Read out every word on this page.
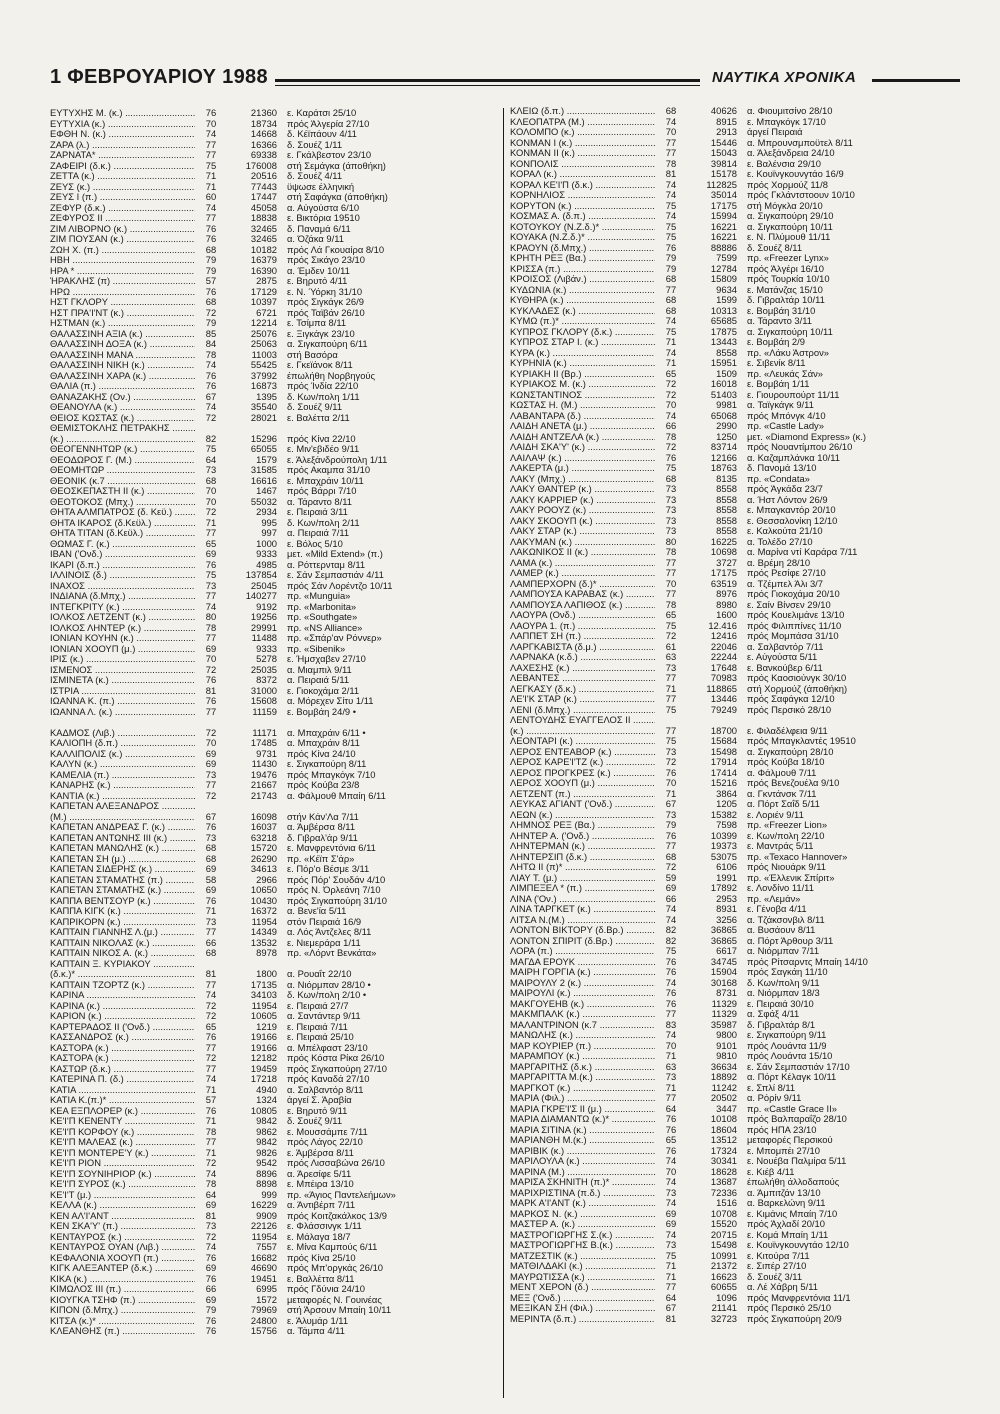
1 ΦΕΒΡΟΥΑΡΙΟΥ 1988	ΝΑΥΤΙΚΑ ΧΡΟΝΙΚΑ
ΕΥΤΥΧΗΣ Μ. (κ.) .....	76	21360 ε. Καράτσι 25/10
ΕΥΤΥΧΙΑ (κ.) .....	70	18734 πρός Άλγερία 27/10
ΕΦΘΗ Ν. (κ.) .....	74	14668 δ. Κέϊπάουν 4/11
ΖΑΡΑ (λ.) .....	77	16366 δ. Σουέζ 1/11
ΖΑΡΝΑΤΑ* .....	77	69338 ε. Γκάλβεστον 23/10
ΖΑΦΕΙΡΙ (δ.κ.) .....	75	176008 στή Σεμάγκα (άποθήκη)
ΖΕΤΤΑ (κ.) .....	71	20516 δ. Σουέζ 4/11
ΖΕΥΣ (κ.) .....	71	77443 ϋψωσε έλληνική
ΖΕΥΣ Ι (π.) .....	60	17447 στή Σαφάγκα (άποθήκη)
ΖΕΦΥΡ (δ.κ.) .....	74	45058 α. Αύγούστα 6/10
ΖΕΦΥΡΟΣ ΙΙ .....	77	18838 ε. Βικτόρια 19510
ΖΙΜ ΛΙΒΟΡΝΟ (κ.) .....	76	32465 δ. Παναμά 6/11
ΖΙΜ ΠΟΥΣΑΝ (κ.) .....	76	32465 α. Όζάκα 9/11
ΖΩΗ Χ. (π.) .....	68	10182 πρός Λά Γκουαίρα 8/10
ΗΒΗ .....	79	16379 πρός Σικάγο 23/10
ΗΡΑ * .....	79	16390 α. Έμδεν 10/11
ΉΡΑΚΛΗΣ (π) .....	57	2875 ε. Βηρυτό 4/11
ΗΡΩ .....	76	17129 ε. Ν. Ύόρκη 31/10
ΗΣΤ ΓΚΛΟΡΥ .....	68	10397 πρός Σιγκάγκ 26/9
ΗΣΤ ΠΡΑ'Ι'ΝΤ (κ.) .....	72	6721 πρός Ταϊβάν 26/10
ΗΣΤΜΑΝ (κ.) .....	79	12214 ε. Τσίμπα 8/11
ΘΑΛΑΣΣΙΝΗ ΑΞΙΑ (κ.) .....	85	25076 ε. Ξιγκάγκ 23/10
ΘΑΛΑΣΣΙΝΗ ΔΟΞΑ (κ.) .....	84	25063 α. Σιγκαπούρη 6/11
ΘΑΛΑΣΣΙΝΗ ΜΑΝΑ .....	78	11003 στή Βασόρα
ΘΑΛΑΣΣΙΝΗ ΝΙΚΗ (κ.) .....	74	55425 ε. Γκεϊάνοκ 8/11
ΘΑΛΑΣΣΙΝΗ ΧΑΡΑ (κ.) .....	76	37992 έπωλήθη Νορβηγούς
ΘΑΛΙΑ (π.) .....	76	16873 πρός Ίνδία 22/10
ΘΑΝΑΖΑΚΗΣ (Ον.) .....	67	1395 δ. Κων/πολη 1/11
ΘΕΑΝΟΥΛΑ (κ.) .....	74	35540 δ. Σουέζ 9/11
ΘΕΙΟΣ ΚΩΣΤΑΣ (κ.) .....	72	28021 ε. Βαλέττα 2/11
ΘΕΜΙΣΤΟΚΛΗΣ ΠΕΤΡΑΚΗΣ .....
(κ.) .....	82	15296 πρός Κίνα 22/10
ΘΕΟΓΕΝΝΗΤΩΡ (κ.) .....	75	65055 ε. Μιν'εβιδέο 9/11
ΘΕΟΔΩΡΟΣ Γ. (Μ.) .....	64	1579 ε. Άλεξάνδρούπολη 1/11
ΘΕΟΜΗΤΩΡ .....	73	31585 πρός Ακαμπα 31/10
ΘΕΟΝΙΚ (κ.7 .....	68	16616 ε. Μπαχράιν 10/11
ΘΕΟΣΚΕΠΑΣΤΗ ΙΙ (κ.) .....	70	1467 πρός Βάρρι 7/10
ΘΕΟΤΟΚΟΣ (Μπχ.) .....	70	55032 α. Τάραντο 8/11
ΘΗΤΑ ΑΛΜΠΑΤΡΟΣ (δ. Κεϋ.) .....	72	2934 ε. Πειραιά 3/11
ΘΗΤΑ ΙΚΑΡΟΣ (δ.Κεϋλ.) .....	71	995 δ. Κων/πολη 2/11
ΘΗΤΑ ΤΙΤΑΝ (δ.Κεϋλ.) .....	77	997 α. Πειραιά 7/11
ΘΩΜΑΣ Γ. (κ.) .....	65	1000 ε. Βόλος 5/10
ΙΒΑΝ ('Ονδ.) .....	69	9333 μετ. «Mild Extend» (π.)
ΙΚΑΡΙ (δ.π.) .....	76	4985 α. Ρόττερνταμ 8/11
ΙΛΛΙΝΟΙΣ (δ.) .....	75	137854 ε. Σάν Σεμπαστιάν 4/11
ΙΝΑΧΟΣ .....	73	25045 πρός Σάν Λορέντζο 10/11
ΙΝΔΙΑΝΑ (δ.Μπχ.) .....	77	140277 πρ. «Munguia»
ΙΝΤΕΓΚΡΙΤΥ (κ.) .....	74	9192 πρ. «Marbonita»
ΙΟΛΚΟΣ ΛΕΤΖΕΝΤ (κ.) .....	80	19256 πρ. «Southgate»
ΙΟΛΚΟΣ ΛΗΝΤΕΡ (κ.) .....	78	29991 πρ. «NS Alliance»
ΙΟΝΙΑΝ ΚΟΥΗΝ (κ.) .....	77	11488 πρ. «Σπάρ'αν Ρόννερ»
ΙΟΝΙΑΝ ΧΟΟΥΠ (μ.) .....	69	9333 πρ. «Sibenik»
ΙΡΙΣ (κ.) .....	70	5278 ε. Ήμσχαβεν 27/10
ΙΣΜΕΝΟΣ .....	72	25035 α. Μιαμπιλ 9/11
ΙΣΜΙΝΕΤΑ (κ.) .....	76	8372 α. Πειραιά 5/11
ΙΣΤΡΙΑ .....	81	31000 ε. Γιοκοχάμα 2/11
ΙΩΑΝΝΑ Κ. (π.) .....	76	15608 α. Μόρεχεν Σίτυ 1/11
ΙΩΑΝΝΑ Λ. (κ.) .....	77	11159 ε. Βομβάη 24/9 •
ΚΑΔΜΟΣ (Λιβ.) .....	72	11171 α. Μπαχράιν 6/11 •
ΚΑΛΙΟΠΗ (δ.π.) .....	70	17485 α. Μπαχράιν 8/11
ΚΑΛΛΙΠΟΛΙΣ (κ.) .....	69	9731 πρός Κίνα 24/10
ΚΑΛΥΝ (κ.) .....	69	11430 ε. Σιγκαπούρη 8/11
ΚΑΜΕΛΙΑ (π.) .....	73	19476 πρός Μπαγκόγκ 7/10
ΚΑΝΑΡΗΣ (κ.) .....	77	21667 πρός Κούβα 23/8
ΚΑΝΤΙΑ (κ.) .....	72	21743 α. Φάλμουθ Μπαίη 6/11
ΚΑΠΕΤΑΝ ΑΛΕΞΑΝΔΡΟΣ .....
(Μ.) .....	67	16098 στήν Κάν'Λα 7/11
ΚΑΠΕΤΑΝ ΑΝΔΡΕΑΣ Γ. (κ.) .....	76	16037 α. Άμβέρσα 8/11
ΚΑΠΕΤΑΝ ΑΝΤΩΝΗΣ ΙΙΙ (κ.) .....	73	63218 δ. Γιβραλ'άρ 9/11
ΚΑΠΕΤΑΝ ΜΑΝΩΛΗΣ (κ.) .....	68	15720 ε. Μανφρεντόνια 6/11
ΚΑΠΕΤΑΝ ΣΗ (μ.) .....	68	26290 πρ. «Κέϊπ Σ'άρ»
ΚΑΠΕΤΑΝ ΣΙΔΕΡΗΣ (κ.) .....	69	34613 ε. Πόρ'ο Βέσμε 3/11
ΚΑΠΕΤΑΝ ΣΤΑΜΑΤΗΣ (π.) .....	58	2966 πρός Πόρ' Σουδάν 4/10
ΚΑΠΕΤΑΝ ΣΤΑΜΑΤΗΣ (κ.) .....	69	10650 πρός Ν. Όρλεάνη 7/10
ΚΑΠΠΑ ΒΕΝΤΣΟΥΡ (κ.) .....	76	10430 πρός Σιγκαπούρη 31/10
ΚΑΠΠΑ ΚΙΓΚ (κ.) .....	71	16372 α. Βενε'ία 5/11
ΚΑΠΡΙΚΟΡΝ (κ.) .....	73	11954 στόν Πειραιά 16/9
ΚΑΠΤΑΙΝ ΓΙΑΝΝΗΣ Λ.(μ.) .....	77	14349 α. Λός Άντζελες 8/11
ΚΑΠΤΑΙΝ ΝΙΚΟΛΑΣ (κ.) .....	66	13532 ε. Νιεμεράρα 1/11
ΚΑΠΤΑΙΝ ΝΙΚΟΣ Α. (κ.) .....	68	8978 πρ. «Λόρντ Βενκάτα»
ΚΑΠΤΑΙΝ Ξ. ΚΥΡΙΑΚΟΥ .....
(δ.κ.)* .....	81	1800 α. Ρουαΐτ 22/10
ΚΑΠΤΑΙΝ ΤΖΟΡΤΖ (κ.) .....	77	17135 α. Νιόρμπαν 28/10 •
ΚΑΡΙΝΑ .....	74	34103 δ. Κων/πολη 2/10 •
ΚΑΡΙΝΑ (κ.) .....	72	11954 ε. Πειραιά 27/7
ΚΑΡΙΟΝ (κ.) .....	72	10605 α. Σαντάντερ 9/11
ΚΑΡΤΕΡΑΔΟΣ ΙΙ ('Ονδ.) .....	65	1219 ε. Πειραιά 7/11
ΚΑΣΣΑΝΔΡΟΣ (κ.) .....	76	19166 ε. Πειραιά 25/10
ΚΑΣΤΟΡΑ (κ.) .....	77	19166 α. Μπέλφαστ 23/10
ΚΑΣΤΟΡΑ (κ.) .....	72	12182 πρός Κόστα Ρίκα 26/10
ΚΑΣΤΩΡ (δ.κ.) .....	77	19459 πρός Σιγκαπούρη 27/10
ΚΑΤΕΡΙΝΑ Π. (δ.) .....	74	17218 πρός Καναδά 27/10
ΚΑΤΙΑ .....	71	4940 α. Σαλβαντόρ 8/11
ΚΑΤΙΑ Κ.(π.)* .....	57	1324 άργεί Σ. Άραβία
ΚΕΑ ΕΞΠΛΟΡΕΡ (κ.) .....	76	10805 ε. Βηρυτό 9/11
ΚΕ'Ι'Π ΚΕΝΕΝΤΥ .....	71	9842 δ. Σουέζ 9/11
ΚΕ'Ι'Π ΚΟΡΦΟΥ (κ.) .....	78	9862 ε. Μουσσάμπε 7/11
ΚΕ'Ι'Π ΜΑΛΕΑΣ (κ.) .....	77	9842 πρός Λάγος 22/10
ΚΕ'Ι'Π ΜΟΝΤΕΡΕ'Υ (κ.) .....	71	9826 ε. Άμβέρσα 8/11
ΚΕ'Ι'Π ΡΙΟΝ .....	72	9542 πρός Λισσαβώνα 26/10
ΚΕ'Ι'Π ΣΟΥΝΙΗΡΙΟΡ (κ.) .....	74	8896 α. Άρεσίφε 5/11
ΚΕ'Ι'Π ΣΥΡΟΣ (κ.) .....	78	8898 ε. Μπέιρα 13/10
ΚΕ'Ι'Τ (μ.) .....	64	999 πρ. «Άγιος Παντελεήμων»
ΚΕΛΛΑ (κ.) .....	69	16229 α. Άντιβέρπ 7/11
ΚΕΝ ΑΛ'Ι'ΑΝΤ .....	81	9909 πρός Κοιτζακάλκος 13/9
ΚΕΝ ΣΚΑ'Υ' (π.) .....	73	22126 ε. Φλάσσινγκ 1/11
ΚΕΝΤΑΥΡΟΣ (κ.) .....	72	11954 ε. Μάλαγα 18/7
ΚΕΝΤΑΥΡΟΣ ΟΥΑΝ (Λιβ.) .....	74	7557 ε. Μίνα Καμπούς 6/11
ΚΕΦΑΛΟΝΙΑ ΧΟΟΥΠ (π.) .....	76	16682 πρός Κίνα 25/10
ΚΙΓΚ ΑΛΕΞΑΝΤΕΡ (δ.κ.) .....	69	46690 πρός Μπ'οργκάς 26/10
ΚΙΚΑ (κ.) .....	76	19451 ε. Βαλλέττα 8/11
ΚΙΜΩΛΟΣ ΙΙΙ (π.) .....	66	6995 πρός Γδύνια 24/10
ΚΙΟΥΓΚΑ ΤΣΗΦ (π.) .....	69	1572 μεταφορές Ν. Γουινέας
ΚΙΠΟΝ (δ.Μπχ.) .....	79	79969 στή Άρσουν Μπαίη 10/11
ΚΙΤΣΑ (κ.)* .....	76	24800 ε. Άλυμάρ 1/11
ΚΛΕΑΝΘΗΣ (π.) .....	76	15756 α. Τάμπα 4/11
ΚΛΕΙΩ (δ.π.) .....	68	40626 α. Φιουμιτσίνο 28/10
ΚΛΕΟΠΑΤΡΑ (Μ.) .....	74	8915 ε. Μπαγκόγκ 17/10
ΚΟΛΟΜΠΟ (κ.) .....	70	2913 άργεί Πειραιά
ΚΟΝΜΑΝ Ι (κ.) .....	77	15446 α. Μπρουνσμποϋτελ 8/11
ΚΟΝΜΑΝ ΙΙ (κ.) .....	77	15043 α. Άλεξάνδρεια 24/10
ΚΟΝΠΟΛΙΣ .....	78	39814 ε. Βαλένσια 29/10
ΚΟΡΑΛ (κ.) .....	81	15178 ε. Κουϊνγκουνγτάο 16/9
ΚΟΡΑΛ ΚΕ'Ι'Π (δ.κ.) .....	74	112825 πρός Χορμούζ 11/8
ΚΟΡΝΗΛΙΟΣ .....	74	35014 πρός Γκλάντστοουν 10/10
ΚΟΡΥΤΟΝ (κ.) .....	75	17175 στή Μόγκλα 20/10
ΚΟΣΜΑΣ Α. (δ.π.) .....	74	15994 α. Σιγκαπούρη 29/10
ΚΟΤΟΥΚΟΥ (Ν.Ζ.δ.)* .....	75	16221 α. Σιγκαπούρη 10/11
ΚΟΥΑΚΑ (Ν.Ζ.δ.)* .....	75	16221 ε. Ν. Πλύμουθ 11/11
ΚΡΑΟΥΝ (δ.Μπχ.) .....	76	88886 δ. Σουέζ 8/11
ΚΡΗΤΗ ΡΕΞ (Βα.) .....	79	7599 πρ. «Freezer Lynx»
ΚΡΙΣΣΑ (π.) .....	79	12784 πρός Άλγέρι 16/10
ΚΡΟΙΣΟΣ (Λιβάν.) .....	68	15809 πρός Τουρκία 10/10
ΚΥΔΩΝΙΑ (κ.) .....	77	9634 ε. Ματάνζας 15/10
ΚΥΘΗΡΑ (κ.) .....	68	1599 δ. Γιβραλτάρ 10/11
ΚΥΚΛΑΔΕΣ (κ.) .....	68	10313 ε. Βομβάη 31/10
ΚΥΜΩ (π.)* .....	74	65685 α. Τάραντο 3/11
ΚΥΠΡΟΣ ΓΚΛΟΡΥ (δ.κ.) .....	75	17875 α. Σιγκαπούρη 10/11
ΚΥΠΡΟΣ ΣΤΑΡ Ι. (κ.) .....	71	13443 ε. Βομβάη 2/9
ΚΥΡΑ (κ.) .....	74	8558 πρ. «Λάκυ Άστρον»
ΚΥΡΗΝΙΑ (κ.) .....	71	15951 ε. Σιβενίκ 8/11
ΚΥΡΙΑΚΗ ΙΙ (Βρ.) .....	65	1509 πρ. «Λευκάς Σάν»
ΚΥΡΙΑΚΟΣ Μ. (κ.) .....	72	16018 ε. Βομβάη 1/11
ΚΩΝΣΤΑΝΤΙΝΟΣ .....	72	51403 ε. Γιουρουπούρτ 11/11
ΚΩΣΤΑΣ Η. (Μ.) .....	70	9981 α. Ταϊγκάγκ 9/11
ΛΑΒΑΝΤΑΡΑ (δ.) .....	74	65068 πρός Μπόνγκ 4/10
ΛΑΙΔΗ ΑΝΕΤΑ (μ.) .....	66	2990 πρ. «Castle Lady»
ΛΑΙΔΗ ΑΝΤΖΕΛΑ (κ.) .....	78	1250 μετ. «Diamond Express» (κ.)
ΛΑΙΔΗ ΣΚΑ'Υ' (κ.) .....	72	83714 πρός Νουαντίμπου 26/10
ΛΑΙΛΑΨ (κ.) .....	76	12166 α. Καζαμπλάνκα 10/11
ΛΑΚΕΡΤΑ (μ.) .....	75	18763 δ. Πανομά 13/10
ΛΑΚΥ (Μπχ.) .....	68	8135 πρ. «Condata»
ΛΑΚΥ ΘΑΝΤΕΡ (κ.) .....	73	8558 πρός Άγκάδα 23/7
ΛΑΚΥ ΚΑΡΡΙΕΡ (κ.) .....	73	8558 α. Ήστ Λόντον 26/9
ΛΑΚΥ ΡΟΟΥΖ (κ.) .....	73	8558 ε. Μπαγκαντόρ 20/10
ΛΑΚΥ ΣΚΟΟΥΠ (κ.) .....	73	8558 ε. Θεσσαλονίκη 12/10
ΛΑΚΥ ΣΤΑΡ (κ.) .....	73	8558 ε. Καλκούτα 21/10
ΛΑΚΥΜΑΝ (κ.) .....	80	16225 α. Τολέδο 27/10
ΛΑΚΩΝΙΚΟΣ ΙΙ (κ.) .....	78	10698 α. Μαρίνα ντί Καράρα 7/11
ΛΑΜΑ (κ.) .....	77	3727 α. Βρέμη 28/10
ΛΑΜΕΡ (κ.) .....	77	17175 πρός Ρεσίφε 27/10
ΛΑΜΠΕΡΧΟΡΝ (δ.)* .....	70	63519 α. Τζέμπελ Άλι 3/7
ΛΑΜΠΟΥΣΑ ΚΑΡΑΒΑΣ (κ.) .....	77	8976 πρός Γιοκοχάμα 20/10
ΛΑΜΠΟΥΣΑ ΛΑΠΙΘΟΣ (κ.) .....	78	8980 ε. Σαίν Βίνσεν 29/10
ΛΑΟΥΡΑ (Ονδ.) .....	65	1600 πρός Κουελιμάνε 13/10
ΛΑΟΥΡΑ 1. (π.) .....	75	12.416 πρός Φιλιππίνες 11/10
ΛΑΠΠΕΤ ΣΗ (π.) .....	72	12416 πρός Μομπάσα 31/10
ΛΑΡΓΚΑΒΙΣΤΑ (δ.μ.) .....	61	22046 α. Σαλβαντόρ 7/11
ΛΑΡΝΑΚΑ (κ.δ.) .....	63	22244 ε. Αύγούστα 5/11
ΛΑΧΕΣΗΣ (κ.) .....	73	17648 ε. Βανκούβερ 6/11
ΛΕΒΑΝΤΕΣ .....	77	70983 πρός Καοσιούνγκ 30/10
ΛΕΓΚΑΣΥ (δ.κ.) .....	71	118865 στή Χορμούζ (άποθήκη)
ΛΕ'Ι'Κ ΣΤΑΡ (κ.) .....	77	13446 πρός Σαφάγκα 12/10
ΛΕΝΙ (δ.Μπχ.) .....	75	79249 πρός Περσικό 28/10
ΛΕΝΤΟΥΔΗΣ ΕΥΑΓΓΕΛΟΣ ΙΙ .....
(κ.) .....	77	18700 ε. Φιλαδέλφεια 9/11
ΛΕΟΝΤΑΡΙ (κ.) .....	75	15684 πρός Μπαγκλαντές 19510
ΛΕΡΟΣ ΕΝΤΕΑΒΟΡ (κ.) .....	73	15498 α. Σιγκαπούρη 28/10
ΛΕΡΟΣ ΚΑΡΕ'Ι'ΤΖ (κ.) .....	72	17914 πρός Κούβα 18/10
ΛΕΡΟΣ ΠΡΟΓΚΡΕΣ (κ.) .....	76	17414 α. Φάλμουθ 7/11
ΛΕΡΟΣ ΧΟΟΥΠ (μ.) .....	70	15216 πρός Βενεζουέλα 9/10
ΛΕΤΖΕΝΤ (π.) .....	71	3864 α. Γκντάνσκ 7/11
ΛΕΥΚΑΣ ΑΓΙΑΝΤ ('Ονδ.) .....	67	1205 α. Πόρτ Σαΐδ 5/11
ΛΕΩΝ (κ.) .....	73	15382 ε. Λοριέν 9/11
ΛΗΜΝΟΣ ΡΕΞ (Βα.) .....	79	7598 πρ. «Freezer Lion»
ΛΗΝΤΕΡ Α. ('Ονδ.) .....	76	10399 ε. Κων/πολη 22/10
ΛΗΝΤΕΡΜΑΝ (κ.) .....	77	19373 ε. Μαντράς 5/11
ΛΗΝΤΕΡΣΙΠ (δ.κ.) .....	68	53075 πρ. «Texaco Hannover»
ΛΗΤΩ ΙΙ (π)* .....	72	6106 πρός Νιουάρκ 9/11
ΛΙΑΥ Τ. (μ.) .....	59	1991 πρ. «Έλλενικ Σπίριτ»
ΛΙΜΠΕΞΕΛ * (π.) .....	69	17892 ε. Λονδίνο 11/11
ΛΙΝΑ ('Ον.) .....	66	2953 πρ. «Λεμάν»
ΛΙΝΑ ΤΑΡΓΚΕΤ (κ.) .....	74	8931 ε. Γένοβα 4/11
ΛΙΤΣΑ Ν.(Μ.) .....	74	3256 α. Τζάκσονβιλ 8/11
ΛΟΝΤΟΝ ΒΙΚΤΟΡΥ (δ.Βρ.) .....	82	36865 α. Βυσάουν 8/11
ΛΟΝΤΟΝ ΣΠΙΡΙΤ (δ.Βρ.) .....	82	36865 α. Πόρτ Άρθουρ 3/11
ΛΟΡΑ (π.) .....	75	6617 α. Νιόρμπαν 7/11
ΜΑΓΔΑ ΕΡΟΥΚ .....	76	34745 πρός Ρίτσαρντς Μπαίη 14/10
ΜΑΙΡΗ ΓΟΡΓΙΑ (κ.) .....	76	15904 πρός Σαγκάη 11/10
ΜΑΙΡΟΥΛΥ 2 (κ.) .....	74	30168 δ. Κων/πολη 9/11
ΜΑΙΡΟΥΛΙ (κ.) .....	76	8731 α. Νιόρμπαν 18/3
ΜΑΚΓΟΥΕΗΒ (κ.) .....	76	11329 ε. Πειραιά 30/10
ΜΑΚΜΠΑΛΚ (κ.) .....	77	11329 α. Σφάξ 4/11
ΜΑΛΑΝΤΡΙΝΟΝ (κ.7 .....	83	35987 δ. Γιβραλτάρ 8/1
ΜΑΝΩΛΗΣ (κ.) .....	74	9800 ε. Σιγκαπούρη 9/11
ΜΑΡ ΚΟΥΡΙΕΡ (π.) .....	70	9101 πρός Λουάντα 11/9
ΜΑΡΑΜΠΟΥ (κ.) .....	71	9810 πρός Λουάντα 15/10
ΜΑΡΓΑΡΙΤΗΣ (δ.κ.) .....	63	36634 ε. Σάν Σεμπαστιάν 17/10
ΜΑΡΓΑΡΙΤΤΑ Μ.(κ.) .....	73	18892 α. Πόρτ Κέλαγκ 10/11
ΜΑΡΓΚΟΤ (κ.) .....	71	11242 ε. Σπλί 8/11
ΜΑΡΙΑ (Φιλ.) .....	77	20502 α. Ρόρίν 9/11
ΜΑΡΙΑ ΓΚΡΕ'Ι'Σ ΙΙ (μ.) .....	64	3447 πρ. «Castle Grace II»
ΜΑΡΙΑ ΔΙΑΜΑΝΤΩ (κ.)* .....	76	10108 πρός Βαλπαραΐζο 28/10
ΜΑΡΙΑ ΣΙΤΙΝΑ (κ.) .....	76	18604 πρός ΗΠΑ 23/10
ΜΑΡΙΑΝΘΗ Μ.(κ.) .....	65	13512 μεταφορές Περσικού
ΜΑΡΙΒΙΚ (κ.) .....	76	17324 ε. Μπομπέι 27/10
ΜΑΡΙΛΟΥΛΑ (κ.) .....	74	30341 ε. Νουέβα Παλμίρα 5/11
ΜΑΡΙΝΑ (Μ.) .....	70	18628 ε. Κιέβ 4/11
ΜΑΡΙΣΑ ΣΚΗΝΙΤΗ (π.)* .....	74	13687 έπωλήθη άλλοδαπούς
ΜΑΡΙΧΡΙΣΤΙΝΑ (π.δ.) .....	73	72336 α. Άμπιτζάν 13/10
ΜΑΡΚ Α'Ι'ΑΝΤ (κ.) .....	74	1516 α. Βαρκελώνη 9/11
ΜΑΡΚΟΣ Ν. (κ.) .....	69	10708 ε. Κιμάνις Μπαίη 7/10
ΜΑΣΤΕΡ Α. (κ.) .....	69	15520 πρός Άχλαδί 20/10
ΜΑΣΤΡΟΓΙΩΡΓΗΣ Σ.(κ.) .....	74	20715 ε. Κομά Μπαίη 1/11
ΜΑΣΤΡΟΓΙΩΡΓΗΣ Β.(κ.) .....	73	15498 ε. Κουϊνγκουνγτάο 12/10
ΜΑΤΖΕΣΤΙΚ (κ.) .....	75	10991 ε. Κιτούρα 7/11
ΜΑΤΘΙΛΔΑΚΙ (κ.) .....	71	21372 ε. Σιπέρ 27/10
ΜΑΥΡΩΤΙΣΣΑ (κ.) .....	71	16623 δ. Σουέζ 3/11
ΜΕΝΤ ΧΕΡΟΝ (δ.) .....	77	60655 α. Λέ Χάβρη 5/11
ΜΕΞ ('Ονδ.) .....	64	1096 πρός Μανφρεντόνια 11/1
ΜΕΞΙΚΑΝ ΣΗ (Φιλ.) .....	67	21141 πρός Περσικό 25/10
ΜΕΡΙΝΤΑ (δ.π.) .....	81	32723 πρός Σιγκαπούρη 20/9
